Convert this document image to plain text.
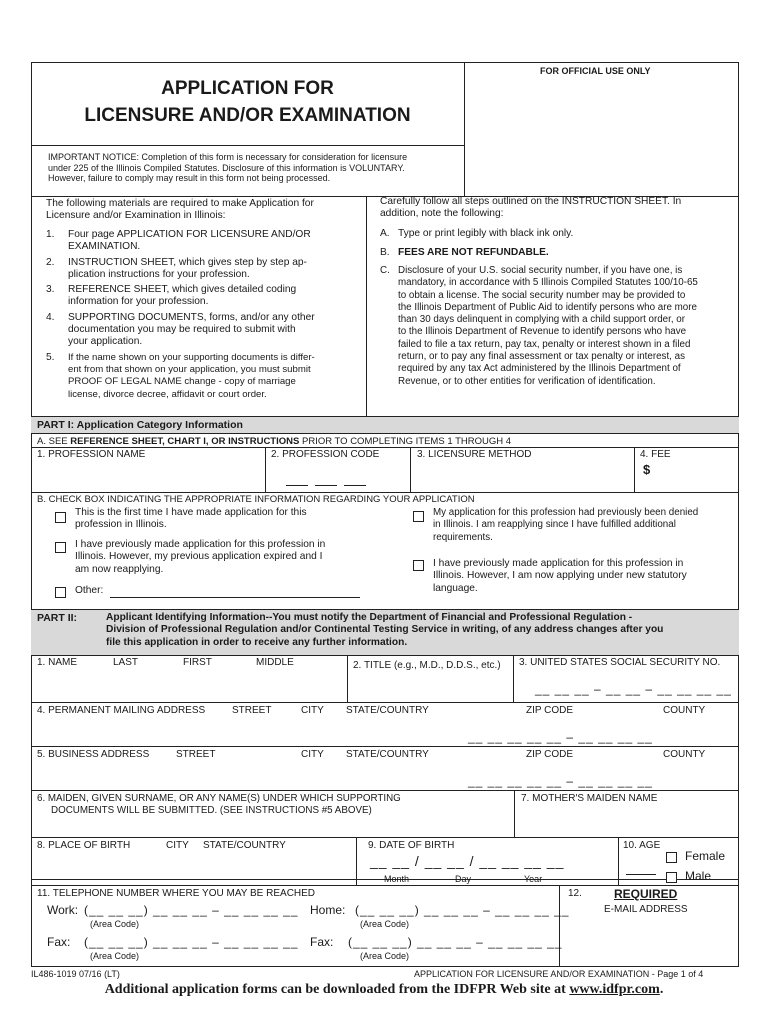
APPLICATION FOR
LICENSURE AND/OR EXAMINATION
FOR OFFICIAL USE ONLY
IMPORTANT NOTICE: Completion of this form is necessary for consideration for licensure
under 225 of the Illinois Compiled Statutes. Disclosure of this information is VOLUNTARY.
However, failure to comply may result in this form not being processed.
The following materials are required to make Application for
Licensure and/or Examination in Illinois:
1. Four page APPLICATION FOR LICENSURE AND/OR
EXAMINATION.
2. INSTRUCTION SHEET, which gives step by step ap-
plication instructions for your profession.
3. REFERENCE SHEET, which gives detailed coding
information for your profession.
4. SUPPORTING DOCUMENTS, forms, and/or any other
documentation you may be required to submit with
your application.
5. If the name shown on your supporting documents is differ-
ent from that shown on your application, you must submit
PROOF OF LEGAL NAME change - copy of marriage
license, divorce decree, affidavit or court order.
Carefully follow all steps outlined on the INSTRUCTION SHEET. In
addition, note the following:
A. Type or print legibly with black ink only.
B. FEES ARE NOT REFUNDABLE.
C. Disclosure of your U.S. social security number, if you have one, is
mandatory, in accordance with 5 Illinois Compiled Statutes 100/10-65
to obtain a license. The social security number may be provided to
the Illinois Department of Public Aid to identify persons who are more
than 30 days delinquent in complying with a child support order, or
to the Illinois Department of Revenue to identify persons who have
failed to file a tax return, pay tax, penalty or interest shown in a filed
return, or to pay any final assessment or tax penalty or interest, as
required by any tax Act administered by the Illinois Department of
Revenue, or to other entities for verification of identification.
PART I: Application Category Information
A. SEE REFERENCE SHEET, CHART I, OR INSTRUCTIONS PRIOR TO COMPLETING ITEMS 1 THROUGH 4
1. PROFESSION NAME	2. PROFESSION CODE	3. LICENSURE METHOD	4. FEE
$
B. CHECK BOX INDICATING THE APPROPRIATE INFORMATION REGARDING YOUR APPLICATION
This is the first time I have made application for this
profession in Illinois.
I have previously made application for this profession in
Illinois. However, my previous application expired and I
am now reapplying.
Other:
My application for this profession had previously been denied
in Illinois. I am reapplying since I have fulfilled additional
requirements.
I have previously made application for this profession in
Illinois. However, I am now applying under new statutory
language.
PART II:	Applicant Identifying Information--You must notify the Department of Financial and Professional Regulation -
Division of Professional Regulation and/or Continental Testing Service in writing, of any address changes after you
file this application in order to receive any further information.
1. NAME	LAST	FIRST	MIDDLE	2. TITLE (e.g., M.D., D.D.S., etc.) 3. UNITED STATES SOCIAL SECURITY NO.
__ __ __ – __ __ – __ __ __ __
4. PERMANENT MAILING ADDRESS	STREET	CITY STATE/COUNTRY	ZIP CODE	COUNTY
__ __ __ __ __ – __ __ __ __
5. BUSINESS ADDRESS	STREET	CITY STATE/COUNTRY	ZIP CODE	COUNTY
__ __ __ __ __ – __ __ __ __
6. MAIDEN, GIVEN SURNAME, OR ANY NAME(S) UNDER WHICH SUPPORTING
DOCUMENTS WILL BE SUBMITTED. (SEE INSTRUCTIONS #5 ABOVE)
7. MOTHER'S MAIDEN NAME
8. PLACE OF BIRTH	CITY STATE/COUNTRY	9. DATE OF BIRTH
__ __ / __ __ / __ __ __ __
Month	Day	Year
10. AGE
Female
Male
11. TELEPHONE NUMBER WHERE YOU MAY BE REACHED	12.	REQUIRED
E-MAIL ADDRESS
Work: (__ __ __) __ __ __ – __ __ __ __
(Area Code)
Home: (__ __ __) __ __ __ – __ __ __ __
(Area Code)
Fax: (__ __ __) __ __ __ – __ __ __ __
(Area Code)
Fax: (__ __ __) __ __ __ – __ __ __ __
(Area Code)
IL486-1019 07/16 (LT)	APPLICATION FOR LICENSURE AND/OR EXAMINATION - Page 1 of 4
Additional application forms can be downloaded from the IDFPR Web site at www.idfpr.com.
